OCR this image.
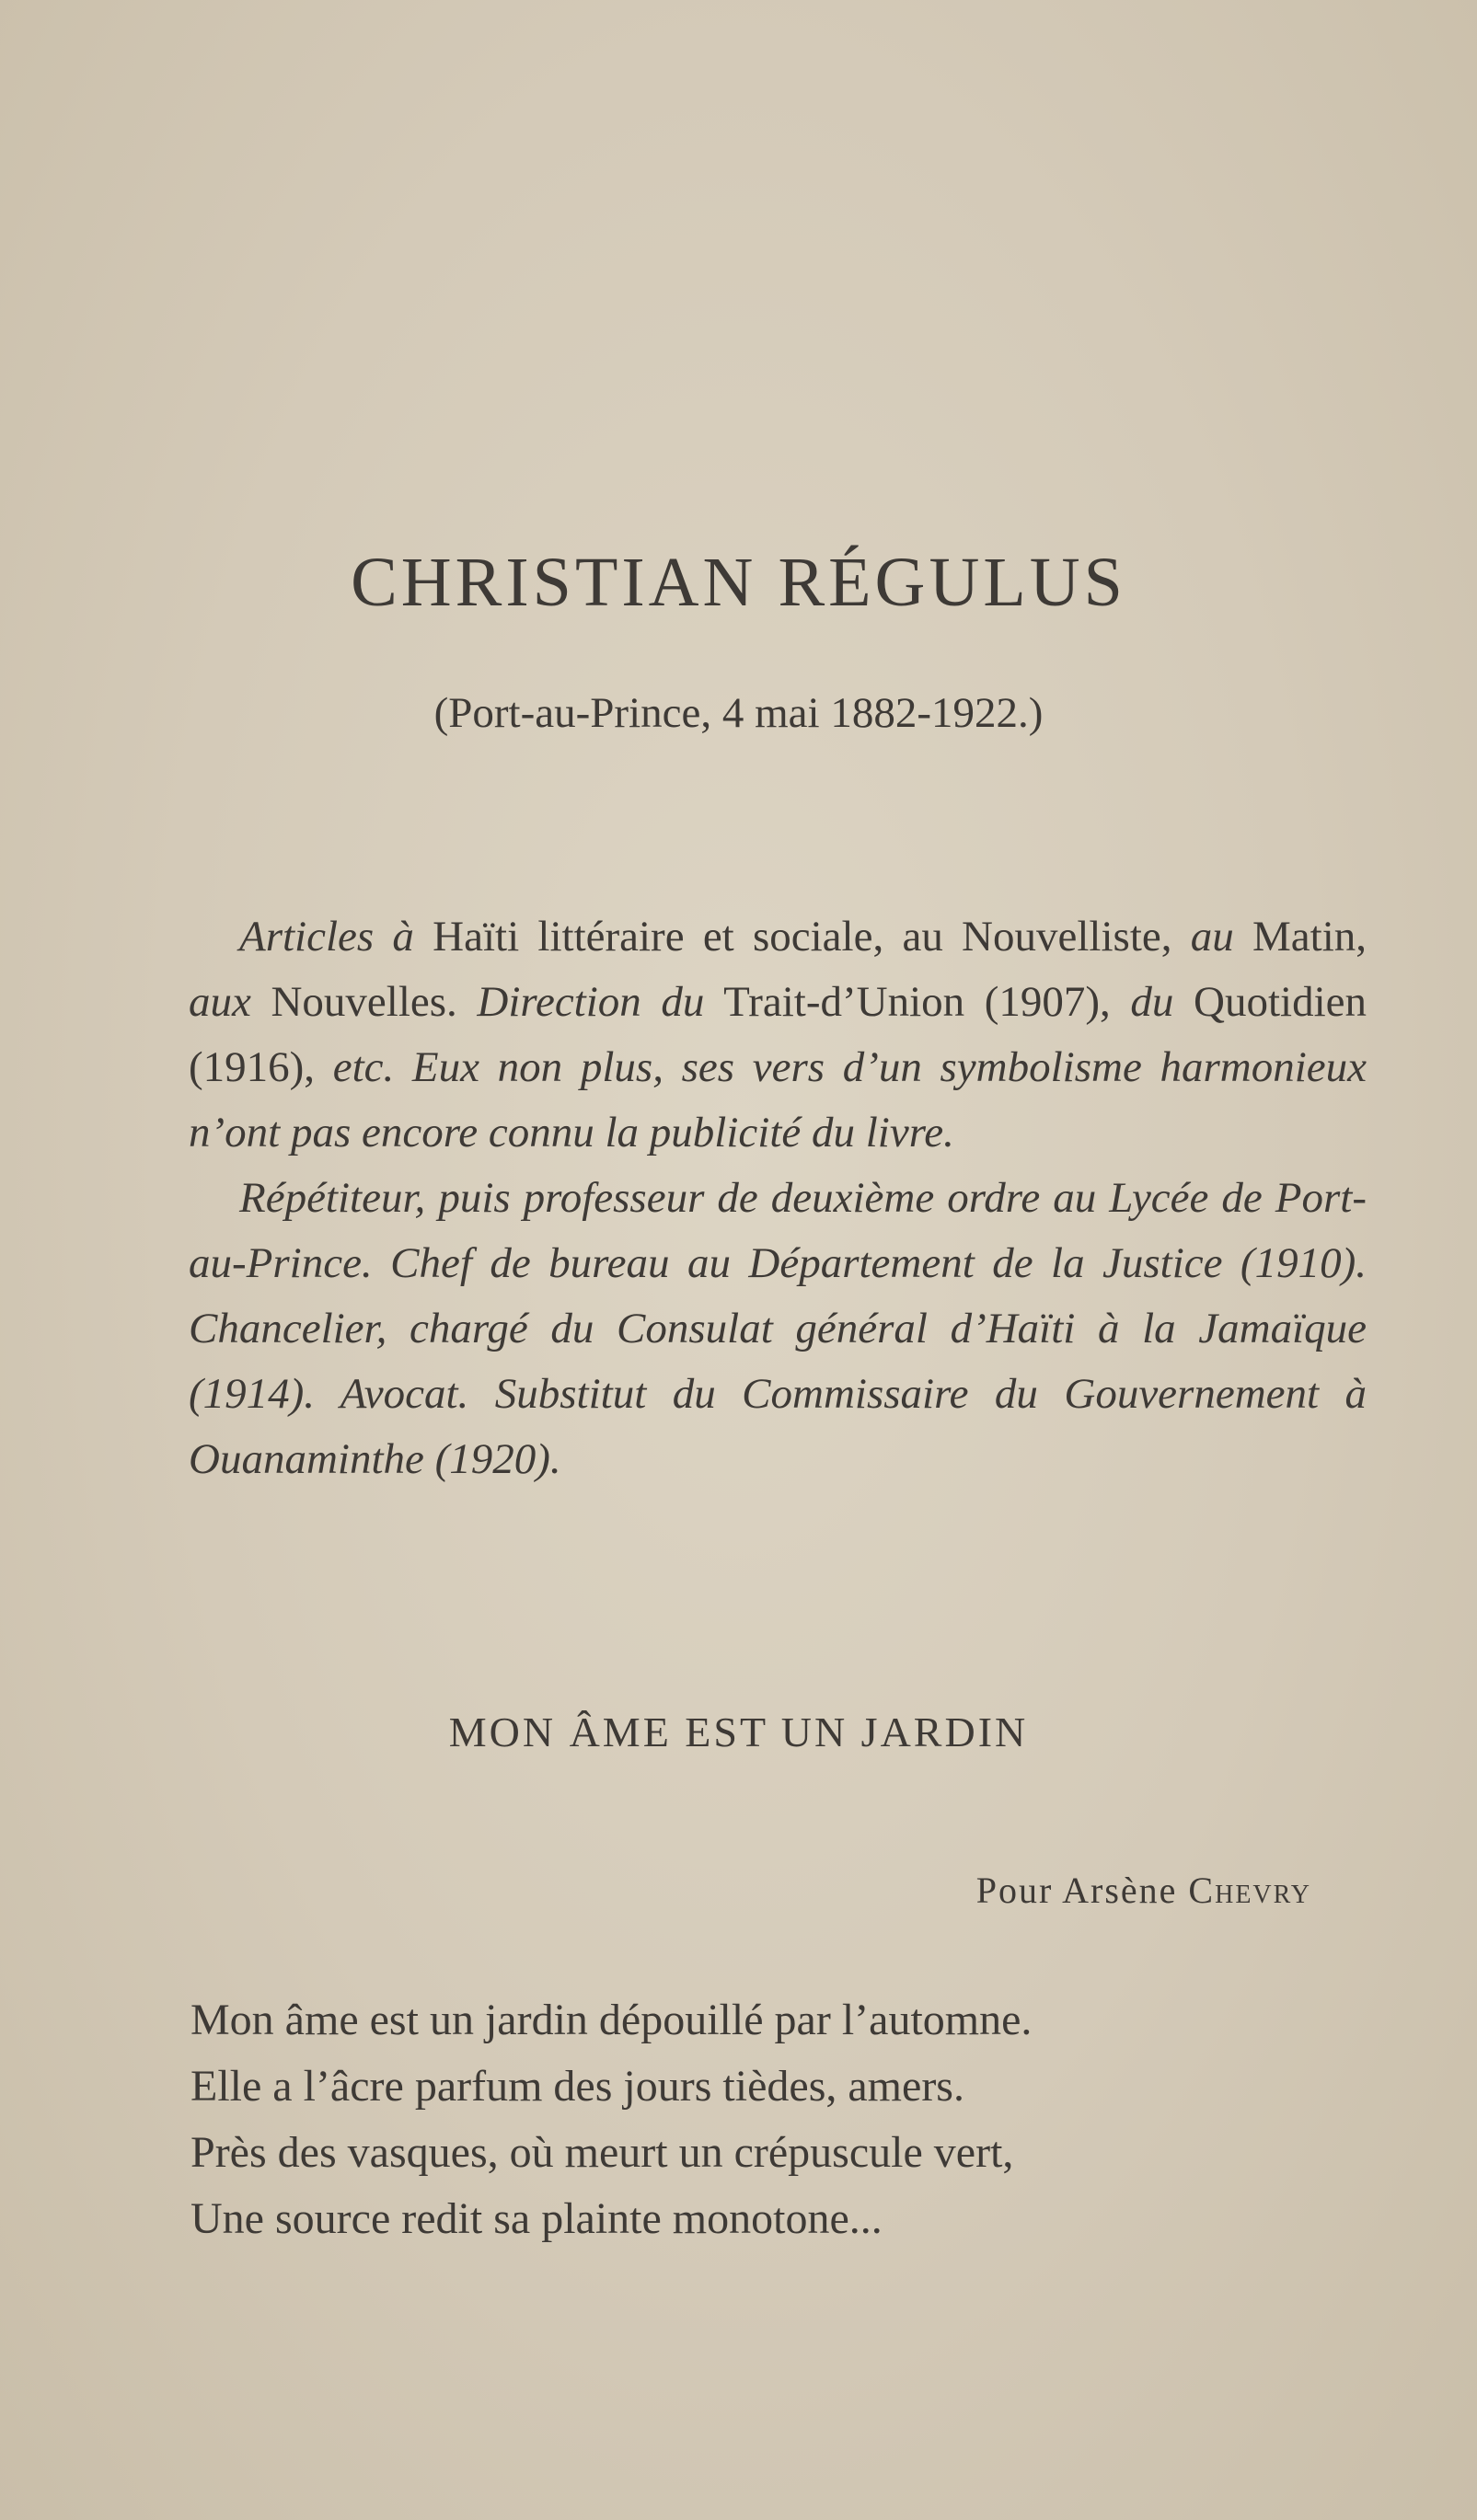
CHRISTIAN RÉGULUS
(Port-au-Prince, 4 mai 1882-1922.)

Articles à Haïti littéraire et sociale, au Nouvelliste, au Matin, aux Nouvelles. Direction du Trait-d’Union (1907), du Quotidien (1916), etc. Eux non plus, ses vers d’un symbolisme harmonieux n’ont pas encore connu la publicité du livre.

Répétiteur, puis professeur de deuxième ordre au Lycée de Port-au-Prince. Chef de bureau au Département de la Justice (1910). Chancelier, chargé du Consulat général d’Haïti à la Jamaïque (1914). Avocat. Substitut du Commissaire du Gouvernement à Ouanaminthe (1920).

MON ÂME EST UN JARDIN
Pour Arsène Chevry
Mon âme est un jardin dépouillé par l’automne.
Elle a l’âcre parfum des jours tièdes, amers.
Près des vasques, où meurt un crépuscule vert,
Une source redit sa plainte monotone...
